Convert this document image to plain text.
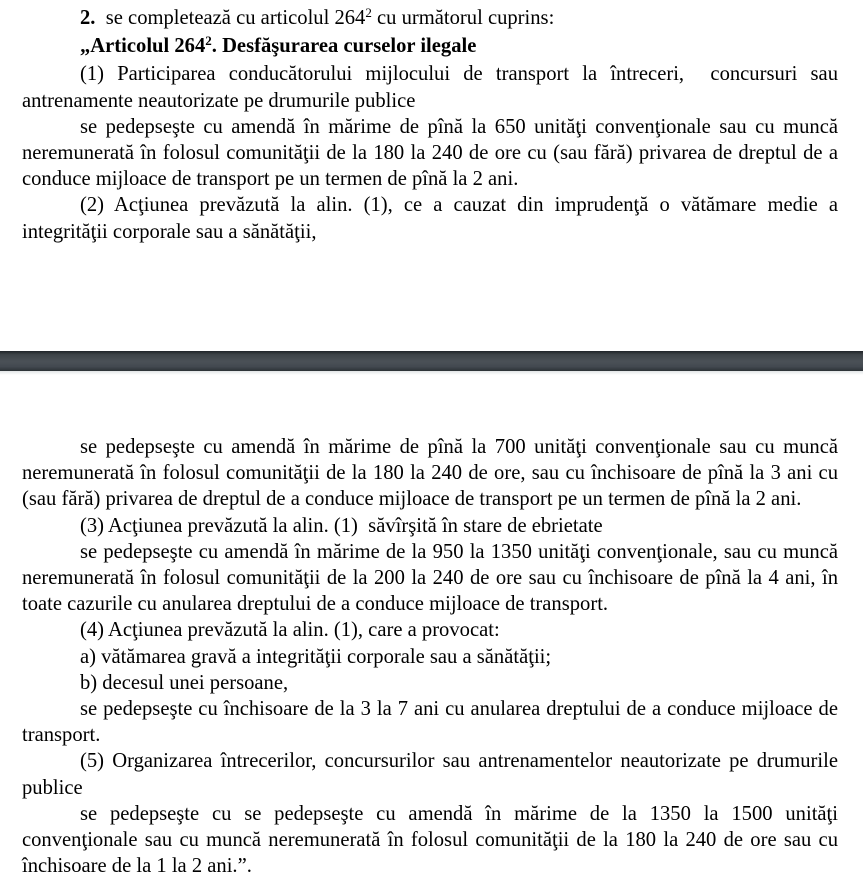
2.  se completează cu articolul $264^2$ cu următorul cuprins:
„Articolul $264^2$. Desfăşurarea curselor ilegale
(1) Participarea conducătorului mijlocului de transport la întreceri,  concursuri sau
antrenamente neautorizate pe drumurile publice
se pedepseşte cu amendă în mărime de pînă la 650 unităţi convenţionale sau cu muncă
neremunerată în folosul comunităţii de la 180 la 240 de ore cu (sau fără) privarea de dreptul de a
conduce mijloace de transport pe un termen de pînă la 2 ani.
(2) Acţiunea prevăzută la alin. (1), ce a cauzat din imprudenţă o vătămare medie a
integrităţii corporale sau a sănătăţii,
se pedepseşte cu amendă în mărime de pînă la 700 unităţi convenţionale sau cu muncă
neremunerată în folosul comunităţii de la 180 la 240 de ore, sau cu închisoare de pînă la 3 ani cu
(sau fără) privarea de dreptul de a conduce mijloace de transport pe un termen de pînă la 2 ani.
(3) Acţiunea prevăzută la alin. (1)  săvîrşită în stare de ebrietate
se pedepseşte cu amendă în mărime de la 950 la 1350 unităţi convenţionale, sau cu muncă
neremunerată în folosul comunităţii de la 200 la 240 de ore sau cu închisoare de pînă la 4 ani, în
toate cazurile cu anularea dreptului de a conduce mijloace de transport.
(4) Acţiunea prevăzută la alin. (1), care a provocat:
a) vătămarea gravă a integrităţii corporale sau a sănătăţii;
b) decesul unei persoane,
se pedepseşte cu închisoare de la 3 la 7 ani cu anularea dreptului de a conduce mijloace de
transport.
(5) Organizarea întrecerilor, concursurilor sau antrenamentelor neautorizate pe drumurile
publice
se pedepseşte cu se pedepseşte cu amendă în mărime de la 1350 la 1500 unităţi
convenţionale sau cu muncă neremunerată în folosul comunităţii de la 180 la 240 de ore sau cu
închisoare de la 1 la 2 ani.”.
